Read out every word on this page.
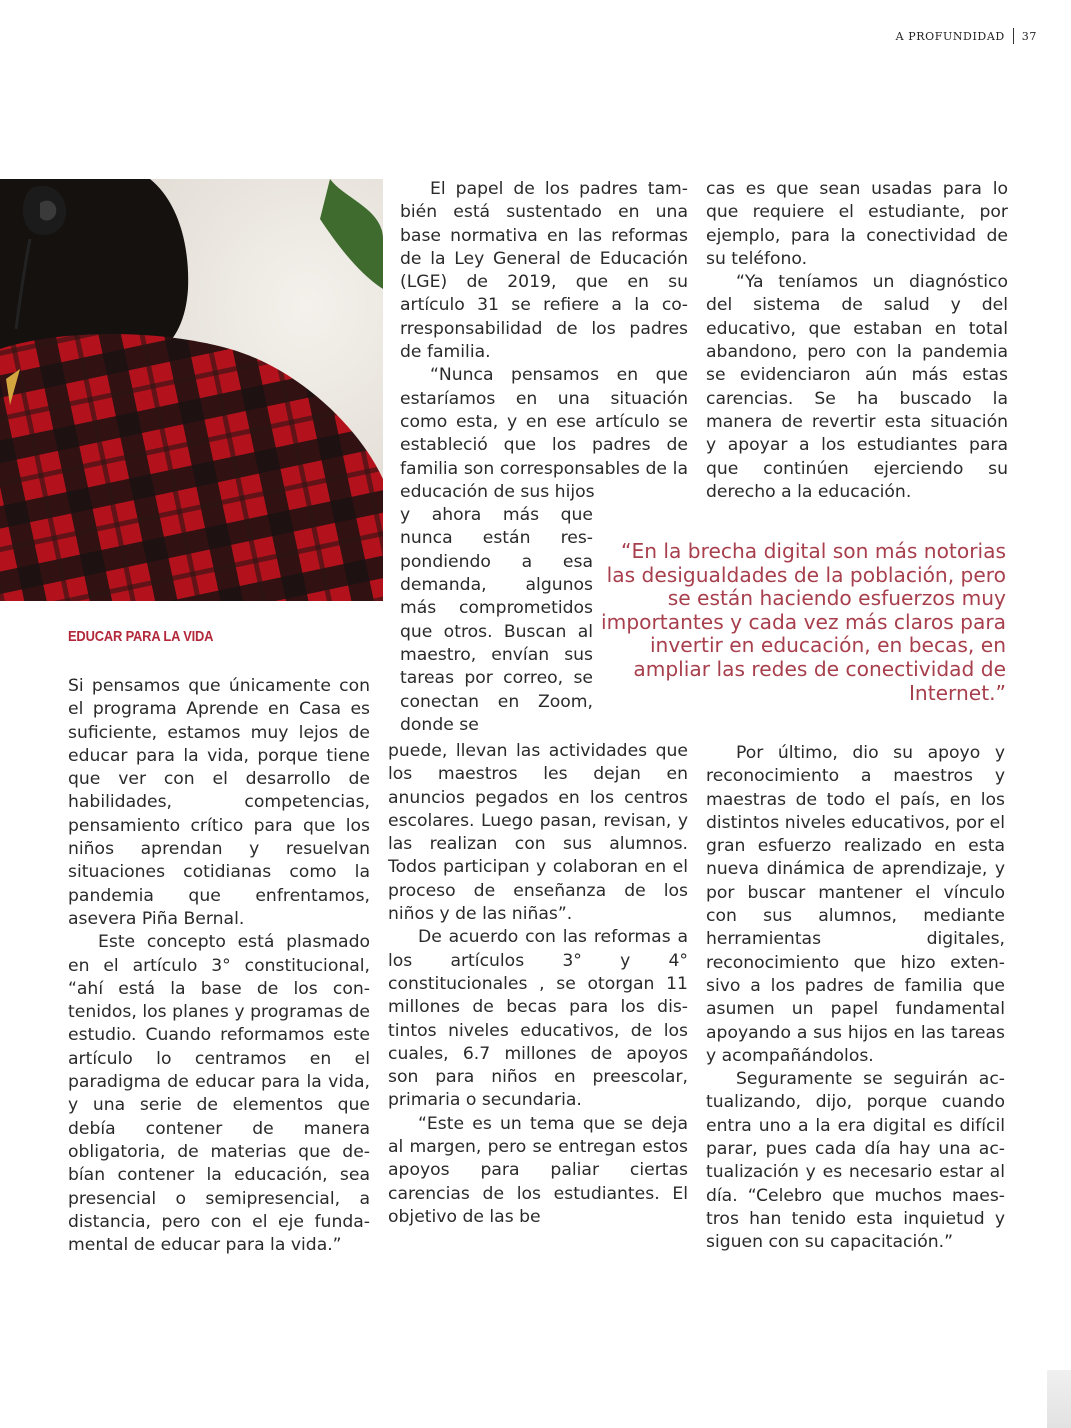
A PROFUNDIDAD 37
EDUCAR PARA LA VIDA

Si pensamos que únicamente con el programa Aprende en Casa es suficiente, estamos muy lejos de educar para la vida, porque tiene que ver con el desarrollo de habilidades, competencias, pensamiento crítico para que los niños aprendan y resuelvan situaciones cotidianas como la pandemia que enfrentamos, asevera Piña Bernal.

Este concepto está plasmado en el artículo 3° constitucional, “ahí está la base de los contenidos, los planes y programas de estudio. Cuando reformamos este artículo lo centramos en el paradigma de educar para la vida, y una serie de elementos que debía contener de manera obligatoria, de materias que debían contener la educación, sea presencial o semipresencial, a distancia, pero con el eje fundamental de educar para la vida.”

El papel de los padres también está sustentado en una base normativa en las reformas de la Ley General de Educación (LGE) de 2019, que en su artículo 31 se refiere a la corresponsabilidad de los padres de familia.

“Nunca pensamos en que estaríamos en una situación como esta, y en ese artículo se estableció que los padres de familia son corresponsables de la educación de sus hijos

y ahora más que nunca están respondiendo a esa demanda, algunos más comprometidos que otros. Buscan al maestro, envían sus tareas por correo, se conectan en Zoom, donde se

puede, llevan las actividades que los maestros les dejan en anuncios pegados en los centros escolares. Luego pasan, revisan, y las realizan con sus alumnos. Todos participan y colaboran en el proceso de enseñanza de los niños y de las niñas”.

De acuerdo con las reformas a los artículos 3° y 4° constitucionales , se otorgan 11 millones de becas para los distintos niveles educativos, de los cuales, 6.7 millones de apoyos son para niños en preescolar, primaria o secundaria.

“Este es un tema que se deja al margen, pero se entregan estos apoyos para paliar ciertas carencias de los estudiantes. El objetivo de las be

cas es que sean usadas para lo que requiere el estudiante, por ejemplo, para la conectividad de su teléfono.

“Ya teníamos un diagnóstico del sistema de salud y del educativo, que estaban en total abandono, pero con la pandemia se evidenciaron aún más estas carencias. Se ha buscado la manera de revertir esta situación y apoyar a los estudiantes para que continúen ejerciendo su derecho a la educación.

“En la brecha digital son más notorias las desigualdades de la población, pero se están haciendo esfuerzos muy importantes y cada vez más claros para invertir en educación, en becas, en ampliar las redes de conectividad de Internet.”

Por último, dio su apoyo y reconocimiento a maestros y maestras de todo el país, en los distintos niveles educativos, por el gran esfuerzo realizado en esta nueva dinámica de aprendizaje, y por buscar mantener el vínculo con sus alumnos, mediante herramientas digitales, reconocimiento que hizo extensivo a los padres de familia que asumen un papel fundamental apoyando a sus hijos en las tareas y acompañándolos.

Seguramente se seguirán actualizando, dijo, porque cuando entra uno a la era digital es difícil parar, pues cada día hay una actualización y es necesario estar al día. “Celebro que muchos maestros han tenido esta inquietud y siguen con su capacitación.”
